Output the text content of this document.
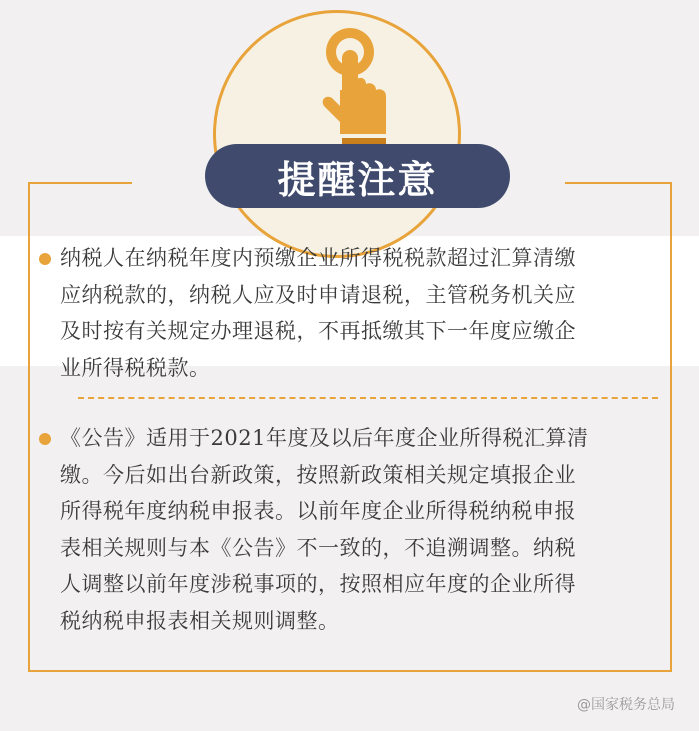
提醒注意
纳税人在纳税年度内预缴企业所得税税款超过汇算清缴
应纳税款的，纳税人应及时申请退税，主管税务机关应
及时按有关规定办理退税，不再抵缴其下一年度应缴企
业所得税税款。
《公告》适用于2021年度及以后年度企业所得税汇算清
缴。今后如出台新政策，按照新政策相关规定填报企业
所得税年度纳税申报表。以前年度企业所得税纳税申报
表相关规则与本《公告》不一致的，不追溯调整。纳税
人调整以前年度涉税事项的，按照相应年度的企业所得
税纳税申报表相关规则调整。
@国家税务总局
